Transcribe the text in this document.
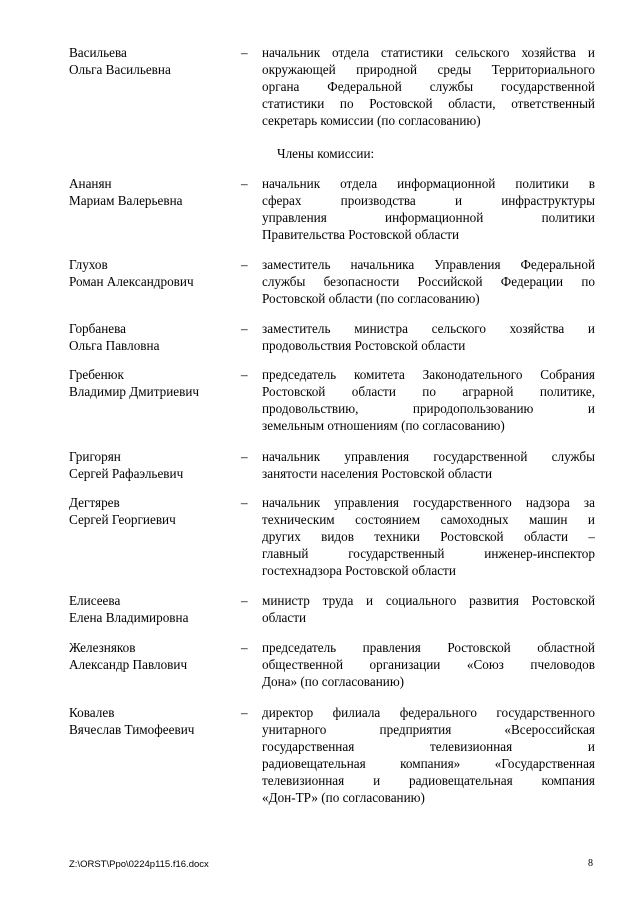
Члены комиссии:
Васильева
Ольга Васильевна
– начальник отдела статистики сельского хозяйства и
окружающей природной среды Территориального
органа Федеральной службы государственной
статистики по Ростовской области, ответственный
секретарь комиссии (по согласованию)
Ананян
Мариам Валерьевна
– начальник отдела информационной политики в
сферах производства и инфраструктуры
управления информационной политики
Правительства Ростовской области
Глухов
Роман Александрович
– заместитель начальника Управления Федеральной
службы безопасности Российской Федерации по
Ростовской области (по согласованию)
Горбанева
Ольга Павловна
– заместитель министра сельского хозяйства и
продовольствия Ростовской области
Гребенюк
Владимир Дмитриевич
– председатель комитета Законодательного Собрания
Ростовской области по аграрной политике,
продовольствию, природопользованию и
земельным отношениям (по согласованию)
Григорян
Сергей Рафаэльевич
– начальник управления государственной службы
занятости населения Ростовской области
Дегтярев
Сергей Георгиевич
– начальник управления государственного надзора за
техническим состоянием самоходных машин и
других видов техники Ростовской области –
главный государственный инженер-инспектор
гостехнадзора Ростовской области
Елисеева
Елена Владимировна
– министр труда и социального развития Ростовской
области
Железняков
Александр Павлович
– председатель правления Ростовской областной
общественной организации «Союз пчеловодов
Дона» (по согласованию)
Ковалев
Вячеслав Тимофеевич
– директор филиала федерального государственного
унитарного предприятия «Всероссийская
государственная телевизионная и
радиовещательная компания» «Государственная
телевизионная и радиовещательная компания
«Дон-ТР» (по согласованию)
Z:\ORST\Ppo\0224p115.f16.docx	8
